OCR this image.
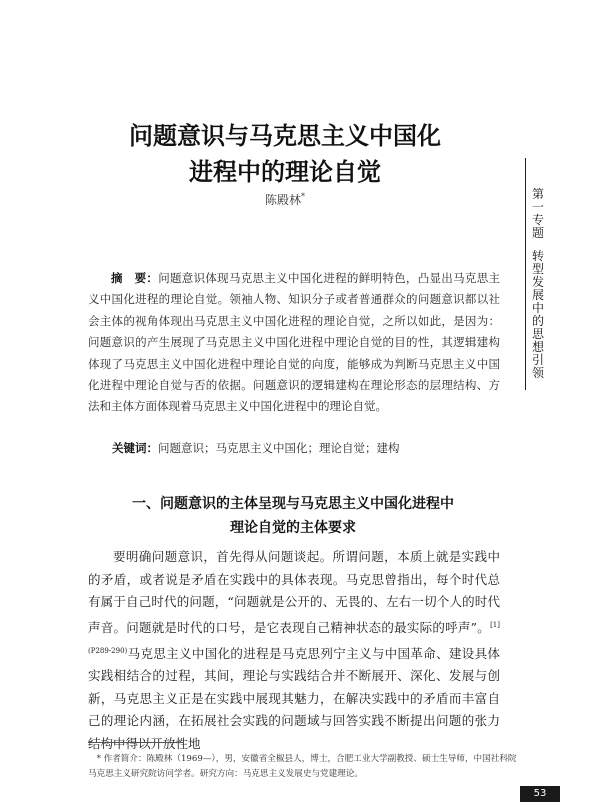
问题意识与马克思主义中国化
进程中的理论自觉
陈殿林*
摘　要：问题意识体现马克思主义中国化进程的鲜明特色，凸显出马克思主义中国化进程的理论自觉。领袖人物、知识分子或者普通群众的问题意识都以社会主体的视角体现出马克思主义中国化进程的理论自觉，之所以如此，是因为：问题意识的产生展现了马克思主义中国化进程中理论自觉的目的性，其逻辑建构体现了马克思主义中国化进程中理论自觉的向度，能够成为判断马克思主义中国化进程中理论自觉与否的依据。问题意识的逻辑建构在理论形态的层理结构、方法和主体方面体现着马克思主义中国化进程中的理论自觉。
关键词：问题意识；马克思主义中国化；理论自觉；建构
一、问题意识的主体呈现与马克思主义中国化进程中
理论自觉的主体要求
要明确问题意识，首先得从问题谈起。所谓问题，本质上就是实践中的矛盾，或者说是矛盾在实践中的具体表现。马克思曾指出，每个时代总有属于自己时代的问题，“问题就是公开的、无畏的、左右一切个人的时代声音。问题就是时代的口号，是它表现自己精神状态的最实际的呼声”。$^{[1](P289-290)}$马克思主义中国化的进程是马克思列宁主义与中国革命、建设具体实践相结合的过程，其间，理论与实践结合并不断展开、深化、发展与创新，马克思主义正是在实践中展现其魅力，在解决实践中的矛盾而丰富自己的理论内涵，在拓展社会实践的问题域与回答实践不断提出问题的张力结构中得以开放性地
* 作者简介：陈殿林（1969—），男，安徽省全椒县人，博士，合肥工业大学副教授、硕士生导师，中国社科院马克思主义研究院访问学者。研究方向：马克思主义发展史与党建理论。
第一专题
转型发展中的思想引领
53
